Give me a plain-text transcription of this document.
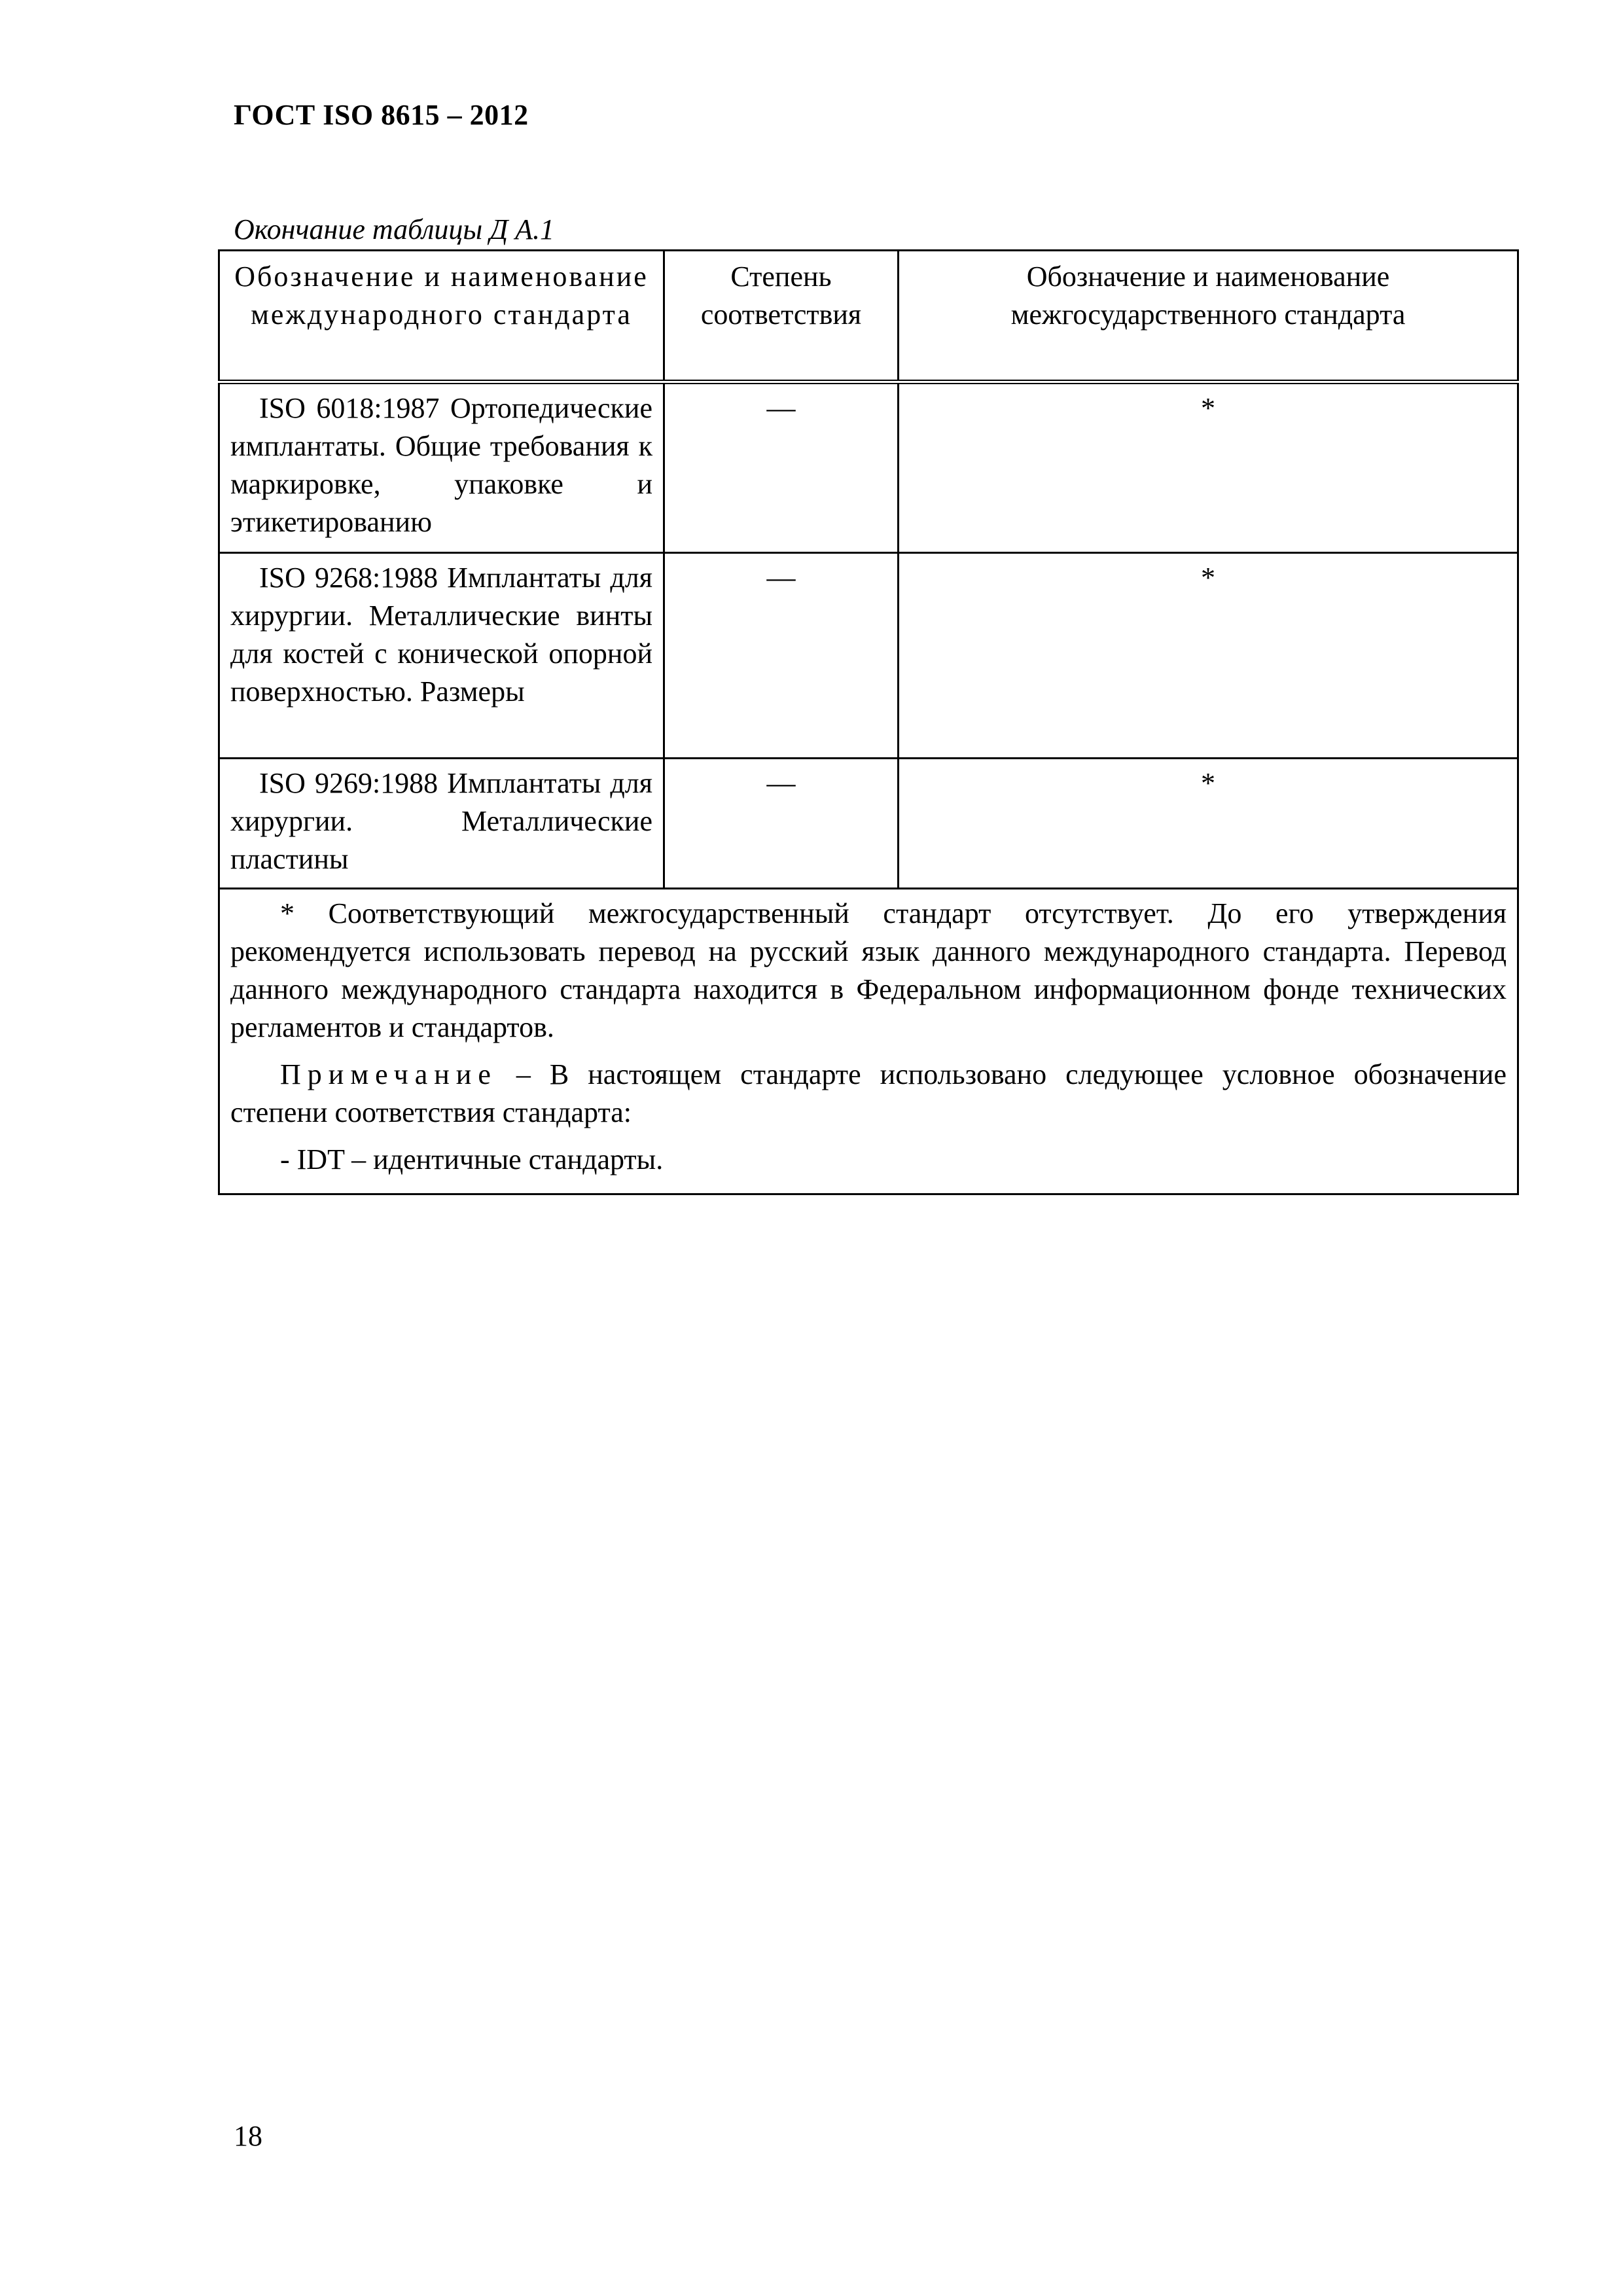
ГОСТ ISO 8615 – 2012
Окончание таблицы Д А.1
Обозначение и наименование международного стандарта	Степень соответствия	Обозначение и наименование межгосударственного стандарта
ISO 6018:1987 Ортопедические имплантаты. Общие требования к маркировке, упаковке и этикетированию	—	*
ISO 9268:1988 Имплантаты для хирургии. Металлические винты для костей с конической опорной поверхностью. Размеры	—	*
ISO 9269:1988 Имплантаты для хирургии. Металлические пластины	—	*

* Соответствующий межгосударственный стандарт отсутствует. До его утверждения рекомендуется использовать перевод на русский язык данного международного стандарта. Перевод данного международного стандарта находится в Федеральном информационном фонде технических регламентов и стандартов.

Примечание – В настоящем стандарте использовано следующее условное обозначение степени соответствия стандарта:

- IDT – идентичные стандарты.		

18
